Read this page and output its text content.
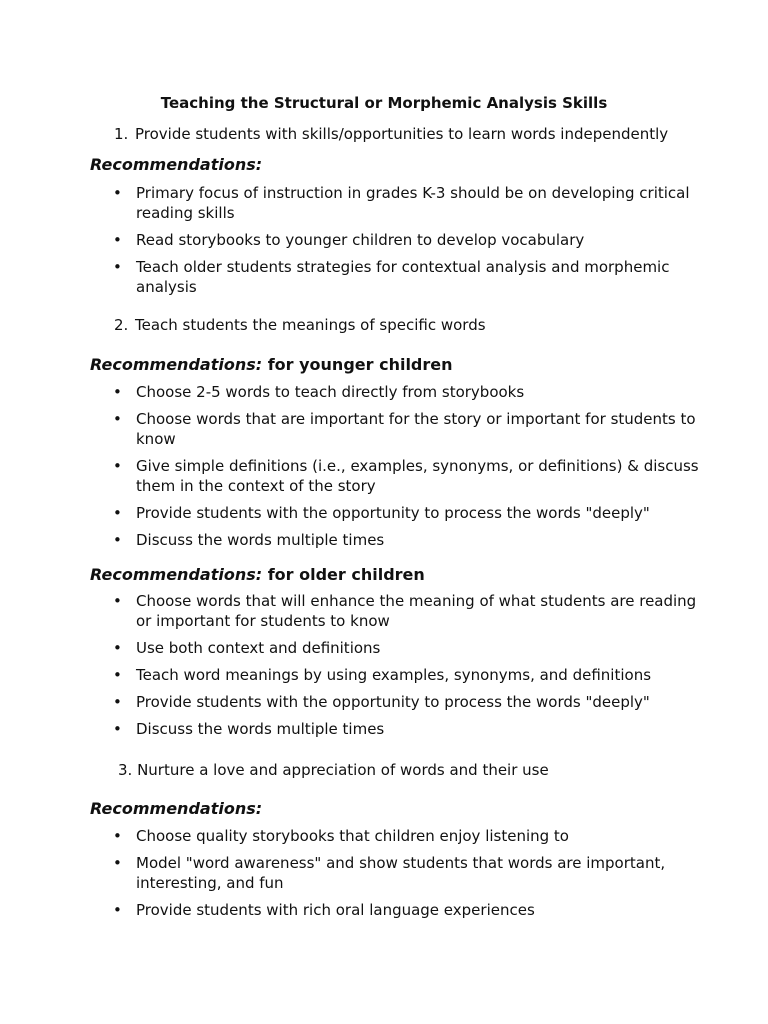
Teaching the Structural or Morphemic Analysis Skills
1. Provide students with skills/opportunities to learn words independently
Recommendations:
• Primary focus of instruction in grades K-3 should be on developing critical reading skills
• Read storybooks to younger children to develop vocabulary
• Teach older students strategies for contextual analysis and morphemic analysis
2. Teach students the meanings of specific words
Recommendations: for younger children
• Choose 2-5 words to teach directly from storybooks
• Choose words that are important for the story or important for students to know
• Give simple definitions (i.e., examples, synonyms, or definitions) & discuss them in the context of the story
• Provide students with the opportunity to process the words "deeply"
• Discuss the words multiple times
Recommendations: for older children
• Choose words that will enhance the meaning of what students are reading or important for students to know
• Use both context and definitions
• Teach word meanings by using examples, synonyms, and definitions
• Provide students with the opportunity to process the words "deeply"
• Discuss the words multiple times
3. Nurture a love and appreciation of words and their use
Recommendations:
• Choose quality storybooks that children enjoy listening to
• Model "word awareness" and show students that words are important, interesting, and fun
• Provide students with rich oral language experiences
